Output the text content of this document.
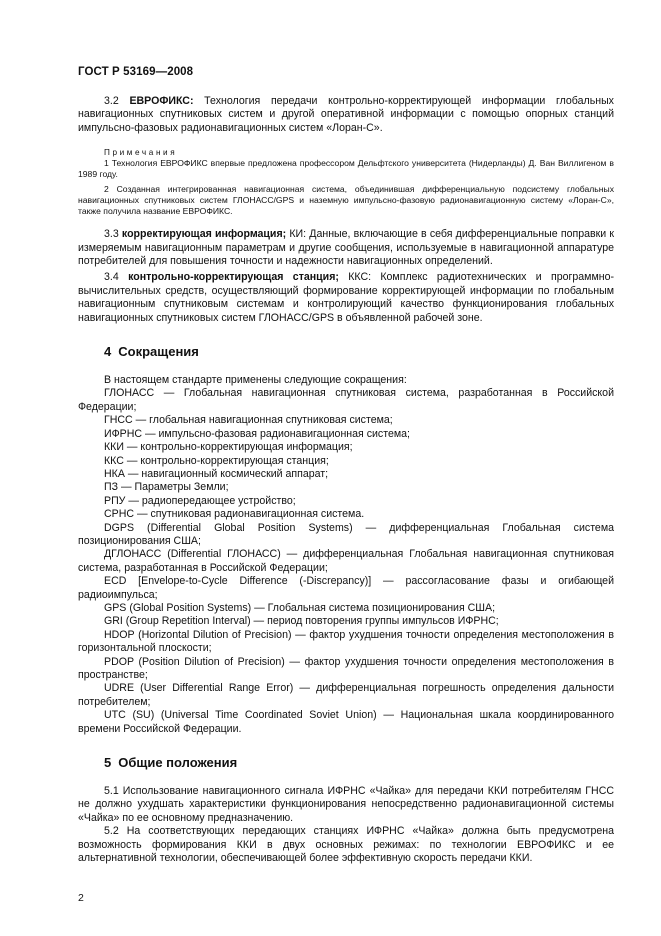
ГОСТ Р 53169—2008

3.2 ЕВРОФИКС: Технология передачи контрольно-корректирующей информации глобальных навигационных спутниковых систем и другой оперативной информации с помощью опорных станций импульсно-фазовых радионавигационных систем «Лоран-С».

Примечания

1 Технология ЕВРОФИКС впервые предложена профессором Дельфтского университета (Нидерланды) Д. Ван Виллигеном в 1989 году.

2 Созданная интегрированная навигационная система, объединившая дифференциальную подсистему глобальных навигационных спутниковых систем ГЛОНАСС/GPS и наземную импульсно-фазовую радионавигационную систему «Лоран-С», также получила название ЕВРОФИКС.

3.3 корректирующая информация; КИ: Данные, включающие в себя дифференциальные поправки к измеряемым навигационным параметрам и другие сообщения, используемые в навигационной аппаратуре потребителей для повышения точности и надежности навигационных определений.

3.4 контрольно-корректирующая станция; ККС: Комплекс радиотехнических и программно-вычислительных средств, осуществляющий формирование корректирующей информации по глобальным навигационным спутниковым системам и контролирующий качество функционирования глобальных навигационных спутниковых систем ГЛОНАСС/GPS в объявленной рабочей зоне.

4 Сокращения

В настоящем стандарте применены следующие сокращения:

ГЛОНАСС — Глобальная навигационная спутниковая система, разработанная в Российской Федерации;

ГНСС — глобальная навигационная спутниковая система;

ИФРНС — импульсно-фазовая радионавигационная система;

ККИ — контрольно-корректирующая информация;

ККС — контрольно-корректирующая станция;

НКА — навигационный космический аппарат;

ПЗ — Параметры Земли;

РПУ — радиопередающее устройство;

СРНС — спутниковая радионавигационная система.

DGPS (Differential Global Position Systems) — дифференциальная Глобальная система позиционирования США;

ДГЛОНАСС (Differential ГЛОНАСС) — дифференциальная Глобальная навигационная спутниковая система, разработанная в Российской Федерации;

ECD [Envelope-to-Cycle Difference (-Discrepancy)] — рассогласование фазы и огибающей радиоимпульса;

GPS (Global Position Systems) — Глобальная система позиционирования США;

GRI (Group Repetition Interval) — период повторения группы импульсов ИФРНС;

HDOP (Horizontal Dilution of Precision) — фактор ухудшения точности определения местоположения в горизонтальной плоскости;

PDOP (Position Dilution of Precision) — фактор ухудшения точности определения местоположения в пространстве;

UDRE (User Differential Range Error) — дифференциальная погрешность определения дальности потребителем;

UTC (SU) (Universal Time Coordinated Soviet Union) — Национальная шкала координированного времени Российской Федерации.

5 Общие положения

5.1 Использование навигационного сигнала ИФРНС «Чайка» для передачи ККИ потребителям ГНСС не должно ухудшать характеристики функционирования непосредственно радионавигационной системы «Чайка» по ее основному предназначению.

5.2 На соответствующих передающих станциях ИФРНС «Чайка» должна быть предусмотрена возможность формирования ККИ в двух основных режимах: по технологии ЕВРОФИКС и ее альтернативной технологии, обеспечивающей более эффективную скорость передачи ККИ.

2
